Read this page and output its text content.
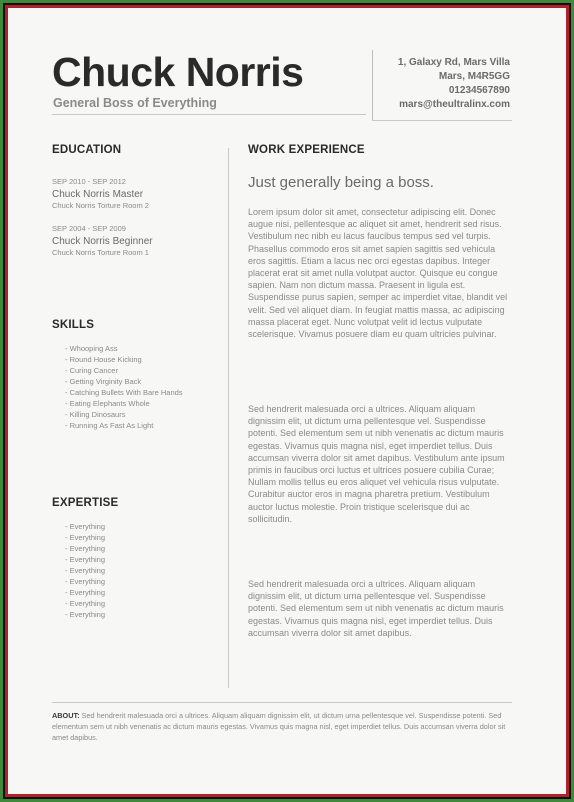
Chuck Norris
General Boss of Everything
1, Galaxy Rd, Mars Villa
Mars, M4R5GG
01234567890
mars@theultralinx.com
EDUCATION
SEP 2010 - SEP 2012
Chuck Norris Master
Chuck Norris Torture Room 2
SEP 2004 - SEP 2009
Chuck Norris Beginner
Chuck Norris Torture Room 1
SKILLS
- Whooping Ass
- Round House Kicking
- Curing Cancer
- Getting Virginity Back
- Catching Bullets With Bare Hands
- Eating Elephants Whole
- Killing Dinosaurs
- Running As Fast As Light
EXPERTISE
- Everything
- Everything
- Everything
- Everything
- Everything
- Everything
- Everything
- Everything
- Everything
WORK EXPERIENCE
Just generally being a boss.

Lorem ipsum dolor sit amet, consectetur adipiscing elit. Donec augue nisi, pellentesque ac aliquet sit amet, hendrerit sed risus. Vestibulum nec nibh eu lacus faucibus tempus sed vel turpis. Phasellus commodo eros sit amet sapien sagittis sed vehicula eros sagittis. Etiam a lacus nec orci egestas dapibus. Integer placerat erat sit amet nulla volutpat auctor. Quisque eu congue sapien. Nam non dictum massa. Praesent in ligula est. Suspendisse purus sapien, semper ac imperdiet vitae, blandit vel velit. Sed vel aliquet diam. In feugiat mattis massa, ac adipiscing massa placerat eget. Nunc volutpat velit id lectus vulputate scelerisque. Vivamus posuere diam eu quam ultricies pulvinar.

Sed hendrerit malesuada orci a ultrices. Aliquam aliquam dignissim elit, ut dictum urna pellentesque vel. Suspendisse potenti. Sed elementum sem ut nibh venenatis ac dictum mauris egestas. Vivamus quis magna nisl, eget imperdiet tellus. Duis accumsan viverra dolor sit amet dapibus. Vestibulum ante ipsum primis in faucibus orci luctus et ultrices posuere cubilia Curae; Nullam mollis tellus eu eros aliquet vel vehicula risus vulputate. Curabitur auctor eros in magna pharetra pretium. Vestibulum auctor luctus molestie. Proin tristique scelerisque dui ac sollicitudin.

Sed hendrerit malesuada orci a ultrices. Aliquam aliquam dignissim elit, ut dictum urna pellentesque vel. Suspendisse potenti. Sed elementum sem ut nibh venenatis ac dictum mauris egestas. Vivamus quis magna nisl, eget imperdiet tellus. Duis accumsan viverra dolor sit amet dapibus.

ABOUT: Sed hendrerit malesuada orci a ultrices. Aliquam aliquam dignissim elit, ut dictum urna pellentesque vel. Suspendisse potenti. Sed elementum sem ut nibh venenatis ac dictum mauris egestas. Vivamus quis magna nisl, eget imperdiet tellus. Duis accumsan viverra dolor sit amet dapibus.
